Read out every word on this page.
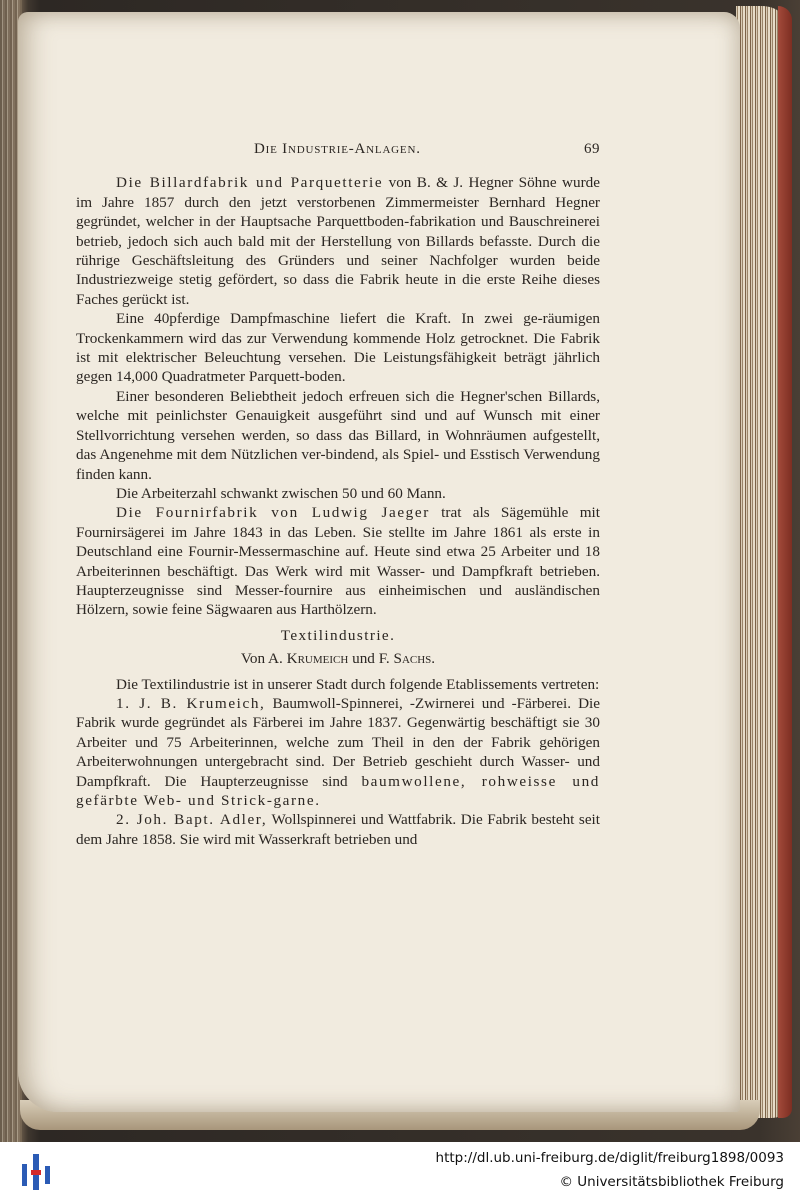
Die Industrie-Anlagen.	69

Die Billardfabrik und Parquetterie von B. & J. Hegner Söhne wurde im Jahre 1857 durch den jetzt verstorbenen Zimmermeister Bernhard Hegner gegründet, welcher in der Hauptsache Parquettboden-fabrikation und Bauschreinerei betrieb, jedoch sich auch bald mit der Herstellung von Billards befasste. Durch die rührige Geschäftsleitung des Gründers und seiner Nachfolger wurden beide Industriezweige stetig gefördert, so dass die Fabrik heute in die erste Reihe dieses Faches gerückt ist.

Eine 40pferdige Dampfmaschine liefert die Kraft. In zwei ge-räumigen Trockenkammern wird das zur Verwendung kommende Holz getrocknet. Die Fabrik ist mit elektrischer Beleuchtung versehen. Die Leistungsfähigkeit beträgt jährlich gegen 14,000 Quadratmeter Parquett-boden.

Einer besonderen Beliebtheit jedoch erfreuen sich die Hegner'schen Billards, welche mit peinlichster Genauigkeit ausgeführt sind und auf Wunsch mit einer Stellvorrichtung versehen werden, so dass das Billard, in Wohnräumen aufgestellt, das Angenehme mit dem Nützlichen ver-bindend, als Spiel- und Esstisch Verwendung finden kann.

Die Arbeiterzahl schwankt zwischen 50 und 60 Mann.

Die Fournirfabrik von Ludwig Jaeger trat als Sägemühle mit Fournirsägerei im Jahre 1843 in das Leben. Sie stellte im Jahre 1861 als erste in Deutschland eine Fournir-Messermaschine auf. Heute sind etwa 25 Arbeiter und 18 Arbeiterinnen beschäftigt. Das Werk wird mit Wasser- und Dampfkraft betrieben. Haupterzeugnisse sind Messer-fournire aus einheimischen und ausländischen Hölzern, sowie feine Sägwaaren aus Harthölzern.

Textilindustrie.

Von A. Krumeich und F. Sachs.

Die Textilindustrie ist in unserer Stadt durch folgende Etablissements vertreten:

1. J. B. Krumeich, Baumwoll-Spinnerei, -Zwirnerei und -Färberei. Die Fabrik wurde gegründet als Färberei im Jahre 1837. Gegenwärtig beschäftigt sie 30 Arbeiter und 75 Arbeiterinnen, welche zum Theil in den der Fabrik gehörigen Arbeiterwohnungen untergebracht sind. Der Betrieb geschieht durch Wasser- und Dampfkraft. Die Haupterzeugnisse sind baumwollene, rohweisse und gefärbte Web- und Strick-garne.

2. Joh. Bapt. Adler, Wollspinnerei und Wattfabrik. Die Fabrik besteht seit dem Jahre 1858. Sie wird mit Wasserkraft betrieben und

http://dl.ub.uni-freiburg.de/diglit/freiburg1898/0093
© Universitätsbibliothek Freiburg
